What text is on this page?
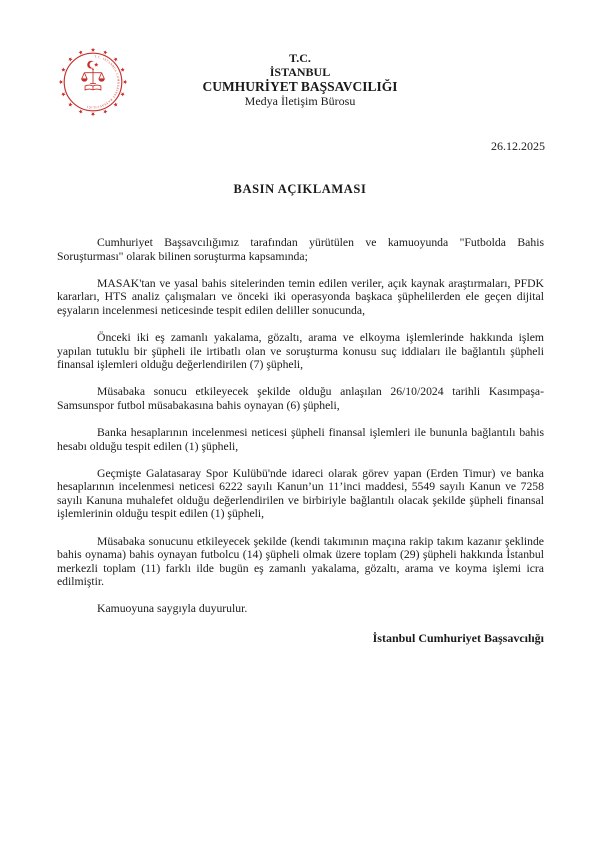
T.C. İSTANBUL CUMHURİYET BAŞSAVCILIĞI
T.C.
İSTANBUL
CUMHURİYET BAŞSAVCILIĞI
Medya İletişim Bürosu
26.12.2025
BASIN AÇIKLAMASI

Cumhuriyet Başsavcılığımız tarafından yürütülen ve kamuoyunda "Futbolda Bahis Soruşturması" olarak bilinen soruşturma kapsamında;

MASAK'tan ve yasal bahis sitelerinden temin edilen veriler, açık kaynak araştırmaları, PFDK kararları, HTS analiz çalışmaları ve önceki iki operasyonda başkaca şüphelilerden ele geçen dijital eşyaların incelenmesi neticesinde tespit edilen deliller sonucunda,

Önceki iki eş zamanlı yakalama, gözaltı, arama ve elkoyma işlemlerinde hakkında işlem yapılan tutuklu bir şüpheli ile irtibatlı olan ve soruşturma konusu suç iddiaları ile bağlantılı şüpheli finansal işlemleri olduğu değerlendirilen (7) şüpheli,

Müsabaka sonucu etkileyecek şekilde olduğu anlaşılan 26/10/2024 tarihli Kasımpaşa-Samsunspor futbol müsabakasına bahis oynayan (6) şüpheli,

Banka hesaplarının incelenmesi neticesi şüpheli finansal işlemleri ile bununla bağlantılı bahis hesabı olduğu tespit edilen (1) şüpheli,

Geçmişte Galatasaray Spor Kulübü'nde idareci olarak görev yapan (Erden Timur) ve banka hesaplarının incelenmesi neticesi 6222 sayılı Kanun’un 11’inci maddesi, 5549 sayılı Kanun ve 7258 sayılı Kanuna muhalefet olduğu değerlendirilen ve birbiriyle bağlantılı olacak şekilde şüpheli finansal işlemlerinin olduğu tespit edilen (1) şüpheli,

Müsabaka sonucunu etkileyecek şekilde (kendi takımının maçına rakip takım kazanır şeklinde bahis oynama) bahis oynayan futbolcu (14) şüpheli olmak üzere toplam (29) şüpheli hakkında İstanbul merkezli toplam (11) farklı ilde bugün eş zamanlı yakalama, gözaltı, arama ve koyma işlemi icra edilmiştir.

Kamuoyuna saygıyla duyurulur.

İstanbul Cumhuriyet Başsavcılığı
